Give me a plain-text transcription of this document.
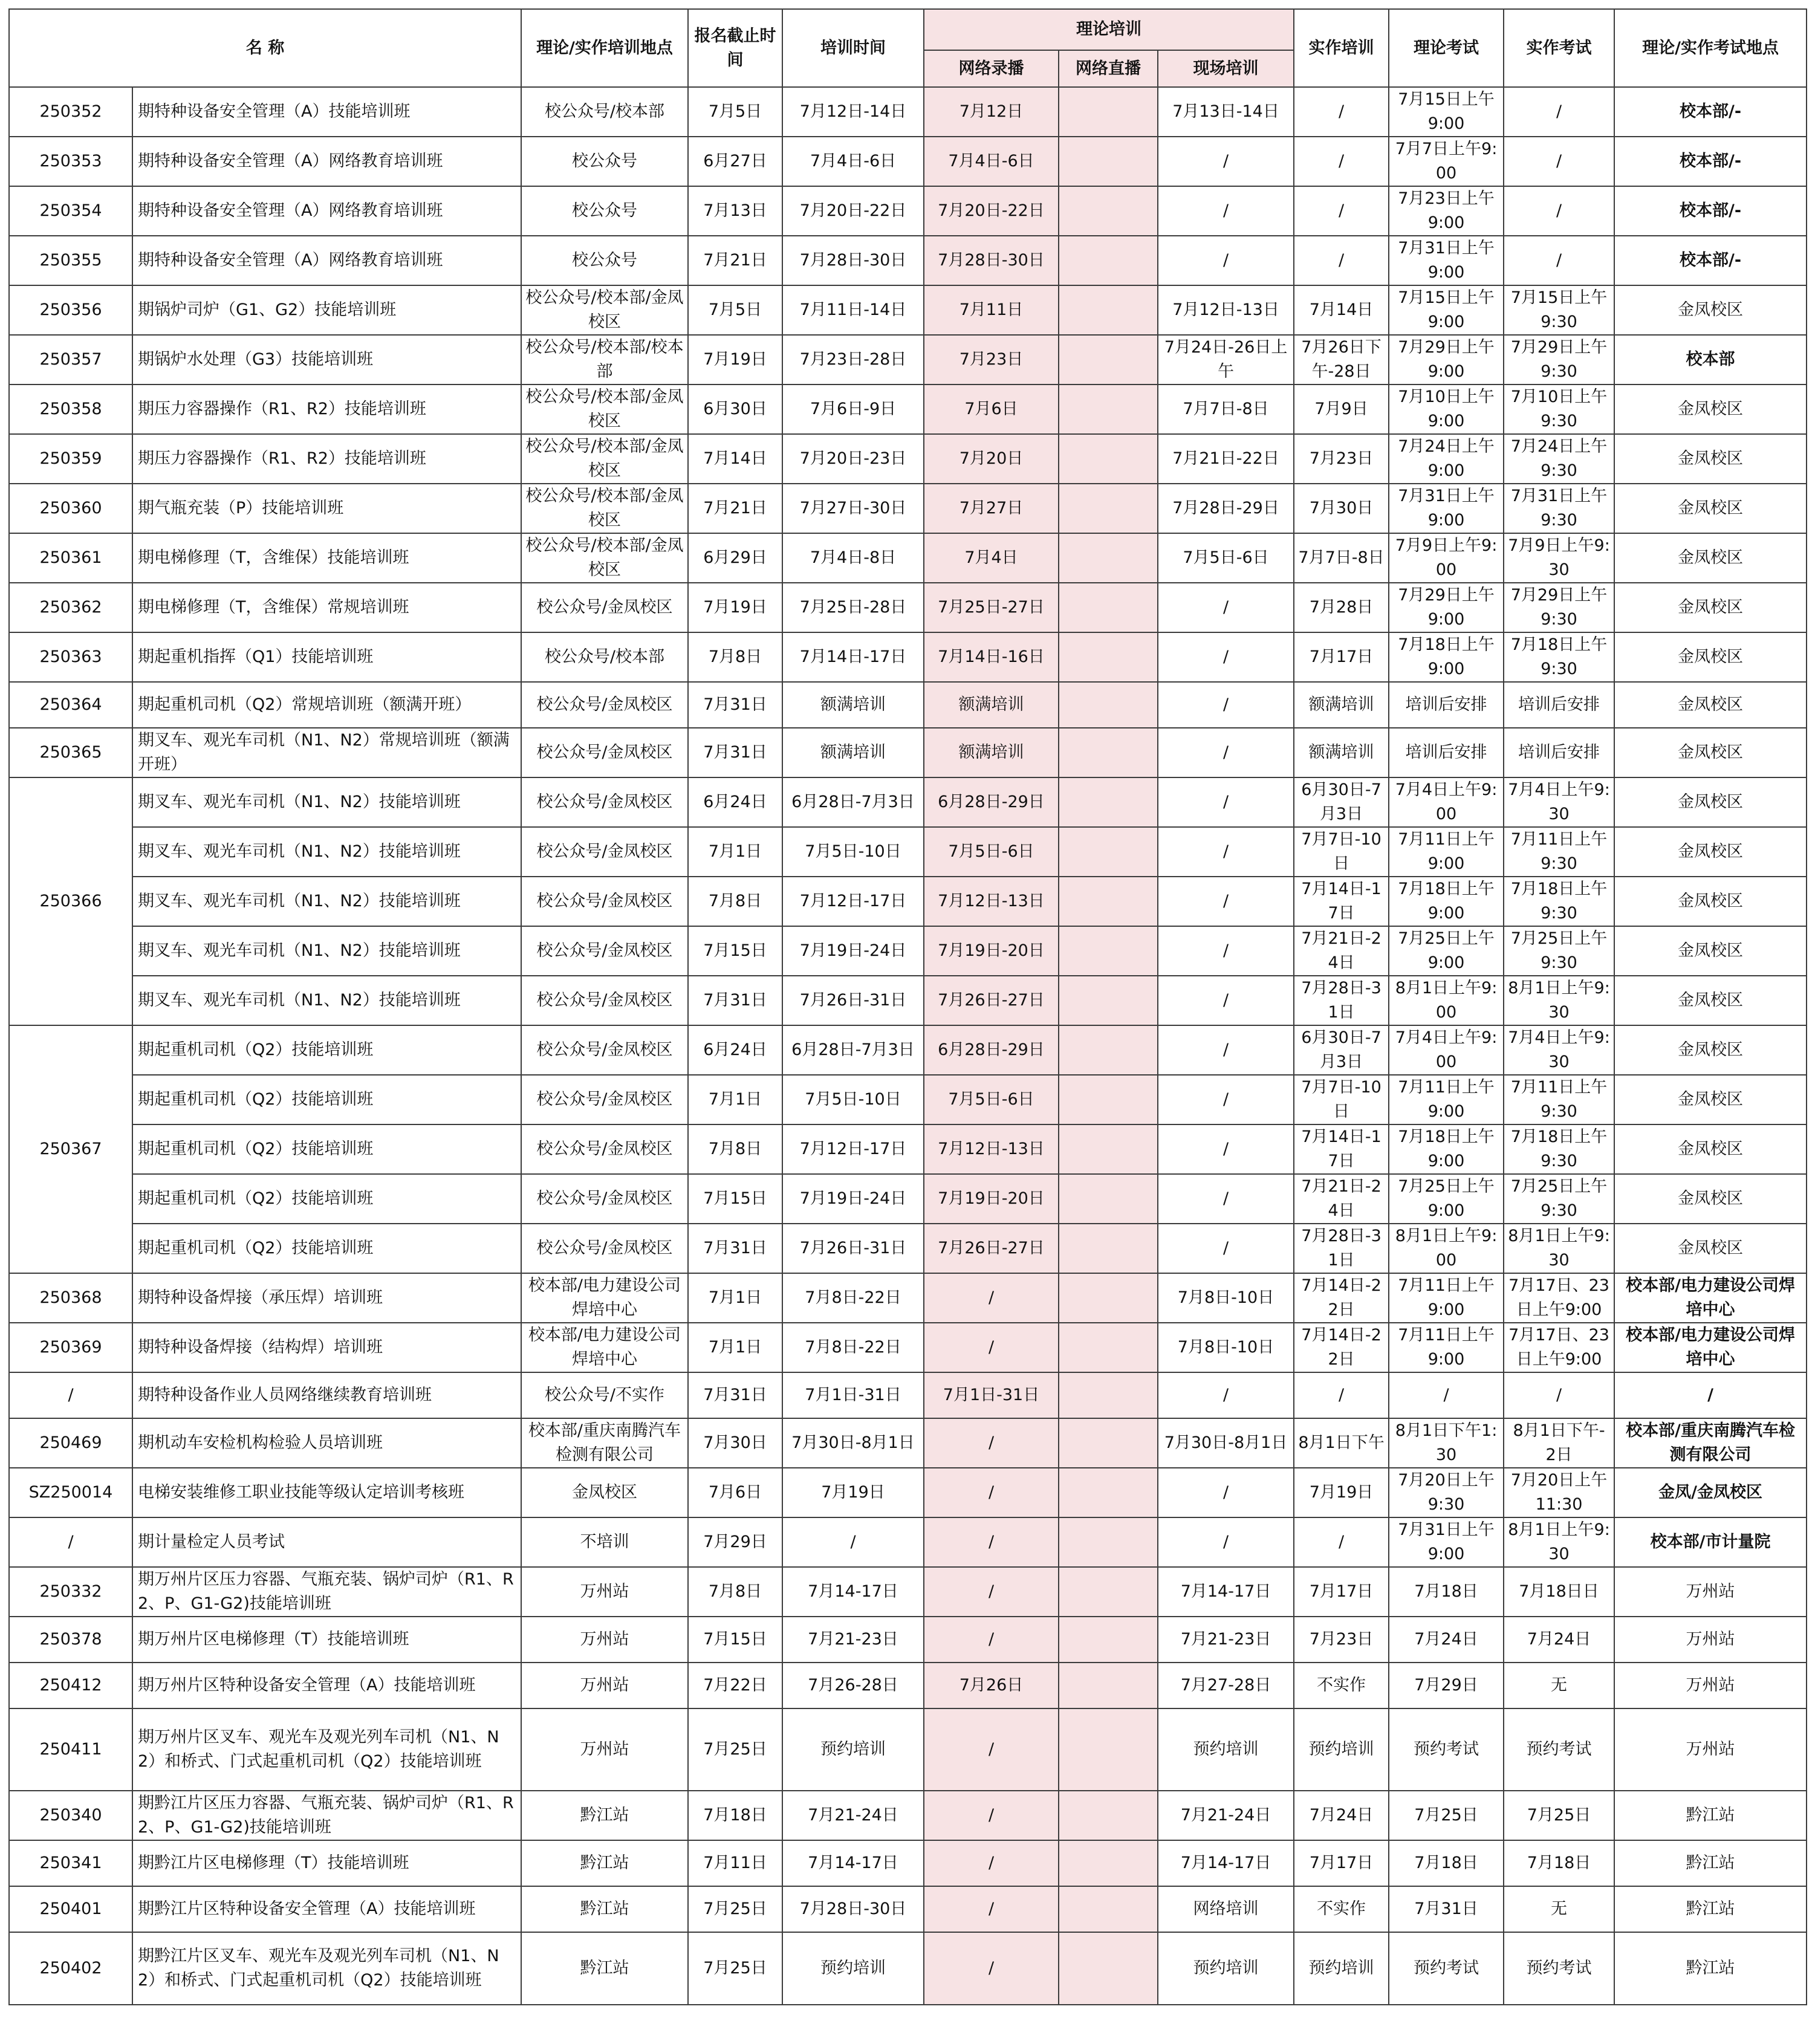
名 称		理论/实作培训地点	报名截止时间	培训时间	理论培训			实作培训	理论考试	实作考试	理论/实作考试地点
					网络录播	网络直播	现场培训				
250352	期特种设备安全管理（A）技能培训班	校公众号/校本部	7月5日	7月12日-14日	7月12日		7月13日-14日	/	7月15日上午9:00	/	校本部/-
250353	期特种设备安全管理（A）网络教育培训班	校公众号	6月27日	7月4日-6日	7月4日-6日		/	/	7月7日上午9:00	/	校本部/-
250354	期特种设备安全管理（A）网络教育培训班	校公众号	7月13日	7月20日-22日	7月20日-22日		/	/	7月23日上午9:00	/	校本部/-
250355	期特种设备安全管理（A）网络教育培训班	校公众号	7月21日	7月28日-30日	7月28日-30日		/	/	7月31日上午9:00	/	校本部/-
250356	期锅炉司炉（G1、G2）技能培训班	校公众号/校本部/金凤校区	7月5日	7月11日-14日	7月11日		7月12日-13日	7月14日	7月15日上午9:00	7月15日上午9:30	金凤校区
250357	期锅炉水处理（G3）技能培训班	校公众号/校本部/校本部	7月19日	7月23日-28日	7月23日		7月24日-26日上午	7月26日下午-28日	7月29日上午9:00	7月29日上午9:30	校本部
250358	期压力容器操作（R1、R2）技能培训班	校公众号/校本部/金凤校区	6月30日	7月6日-9日	7月6日		7月7日-8日	7月9日	7月10日上午9:00	7月10日上午9:30	金凤校区
250359	期压力容器操作（R1、R2）技能培训班	校公众号/校本部/金凤校区	7月14日	7月20日-23日	7月20日		7月21日-22日	7月23日	7月24日上午9:00	7月24日上午9:30	金凤校区
250360	期气瓶充装（P）技能培训班	校公众号/校本部/金凤校区	7月21日	7月27日-30日	7月27日		7月28日-29日	7月30日	7月31日上午9:00	7月31日上午9:30	金凤校区
250361	期电梯修理（T，含维保）技能培训班	校公众号/校本部/金凤校区	6月29日	7月4日-8日	7月4日		7月5日-6日	7月7日-8日	7月9日上午9:00	7月9日上午9:30	金凤校区
250362	期电梯修理（T，含维保）常规培训班	校公众号/金凤校区	7月19日	7月25日-28日	7月25日-27日		/	7月28日	7月29日上午9:00	7月29日上午9:30	金凤校区
250363	期起重机指挥（Q1）技能培训班	校公众号/校本部	7月8日	7月14日-17日	7月14日-16日		/	7月17日	7月18日上午9:00	7月18日上午9:30	金凤校区
250364	期起重机司机（Q2）常规培训班（额满开班）	校公众号/金凤校区	7月31日	额满培训	额满培训		/	额满培训	培训后安排	培训后安排	金凤校区
250365	期叉车、观光车司机（N1、N2）常规培训班（额满开班）	校公众号/金凤校区	7月31日	额满培训	额满培训		/	额满培训	培训后安排	培训后安排	金凤校区
250366	期叉车、观光车司机（N1、N2）技能培训班	校公众号/金凤校区	6月24日	6月28日-7月3日	6月28日-29日		/	6月30日-7月3日	7月4日上午9:00	7月4日上午9:30	金凤校区
	期叉车、观光车司机（N1、N2）技能培训班	校公众号/金凤校区	7月1日	7月5日-10日	7月5日-6日		/	7月7日-10日	7月11日上午9:00	7月11日上午9:30	金凤校区
	期叉车、观光车司机（N1、N2）技能培训班	校公众号/金凤校区	7月8日	7月12日-17日	7月12日-13日		/	7月14日-17日	7月18日上午9:00	7月18日上午9:30	金凤校区
	期叉车、观光车司机（N1、N2）技能培训班	校公众号/金凤校区	7月15日	7月19日-24日	7月19日-20日		/	7月21日-24日	7月25日上午9:00	7月25日上午9:30	金凤校区
	期叉车、观光车司机（N1、N2）技能培训班	校公众号/金凤校区	7月31日	7月26日-31日	7月26日-27日		/	7月28日-31日	8月1日上午9:00	8月1日上午9:30	金凤校区
250367	期起重机司机（Q2）技能培训班	校公众号/金凤校区	6月24日	6月28日-7月3日	6月28日-29日		/	6月30日-7月3日	7月4日上午9:00	7月4日上午9:30	金凤校区
	期起重机司机（Q2）技能培训班	校公众号/金凤校区	7月1日	7月5日-10日	7月5日-6日		/	7月7日-10日	7月11日上午9:00	7月11日上午9:30	金凤校区
	期起重机司机（Q2）技能培训班	校公众号/金凤校区	7月8日	7月12日-17日	7月12日-13日		/	7月14日-17日	7月18日上午9:00	7月18日上午9:30	金凤校区
	期起重机司机（Q2）技能培训班	校公众号/金凤校区	7月15日	7月19日-24日	7月19日-20日		/	7月21日-24日	7月25日上午9:00	7月25日上午9:30	金凤校区
	期起重机司机（Q2）技能培训班	校公众号/金凤校区	7月31日	7月26日-31日	7月26日-27日		/	7月28日-31日	8月1日上午9:00	8月1日上午9:30	金凤校区
250368	期特种设备焊接（承压焊）培训班	校本部/电力建设公司焊培中心	7月1日	7月8日-22日	/		7月8日-10日	7月14日-22日	7月11日上午9:00	7月17日、23日上午9:00	校本部/电力建设公司焊培中心
250369	期特种设备焊接（结构焊）培训班	校本部/电力建设公司焊培中心	7月1日	7月8日-22日	/		7月8日-10日	7月14日-22日	7月11日上午9:00	7月17日、23日上午9:00	校本部/电力建设公司焊培中心
/	期特种设备作业人员网络继续教育培训班	校公众号/不实作	7月31日	7月1日-31日	7月1日-31日		/	/	/	/	/
250469	期机动车安检机构检验人员培训班	校本部/重庆南腾汽车检测有限公司	7月30日	7月30日-8月1日	/		7月30日-8月1日	8月1日下午	8月1日下午1:30	8月1日下午-2日	校本部/重庆南腾汽车检测有限公司
SZ250014	电梯安装维修工职业技能等级认定培训考核班	金凤校区	7月6日	7月19日	/		/	7月19日	7月20日上午9:30	7月20日上午11:30	金凤/金凤校区
/	期计量检定人员考试	不培训	7月29日	/	/		/	/	7月31日上午9:00	8月1日上午9:30	校本部/市计量院
250332	期万州片区压力容器、气瓶充装、锅炉司炉（R1、R2、P、G1-G2)技能培训班	万州站	7月8日	7月14-17日	/		7月14-17日	7月17日	7月18日	7月18日日	万州站
250378	期万州片区电梯修理（T）技能培训班	万州站	7月15日	7月21-23日	/		7月21-23日	7月23日	7月24日	7月24日	万州站
250412	期万州片区特种设备安全管理（A）技能培训班	万州站	7月22日	7月26-28日	7月26日		7月27-28日	不实作	7月29日	无	万州站
250411	期万州片区叉车、观光车及观光列车司机（N1、N2）和桥式、门式起重机司机（Q2）技能培训班	万州站	7月25日	预约培训	/		预约培训	预约培训	预约考试	预约考试	万州站
250340	期黔江片区压力容器、气瓶充装、锅炉司炉（R1、R2、P、G1-G2)技能培训班	黔江站	7月18日	7月21-24日	/		7月21-24日	7月24日	7月25日	7月25日	黔江站
250341	期黔江片区电梯修理（T）技能培训班	黔江站	7月11日	7月14-17日	/		7月14-17日	7月17日	7月18日	7月18日	黔江站
250401	期黔江片区特种设备安全管理（A）技能培训班	黔江站	7月25日	7月28日-30日	/		网络培训	不实作	7月31日	无	黔江站
250402	期黔江片区叉车、观光车及观光列车司机（N1、N2）和桥式、门式起重机司机（Q2）技能培训班	黔江站	7月25日	预约培训	/		预约培训	预约培训	预约考试	预约考试	黔江站
